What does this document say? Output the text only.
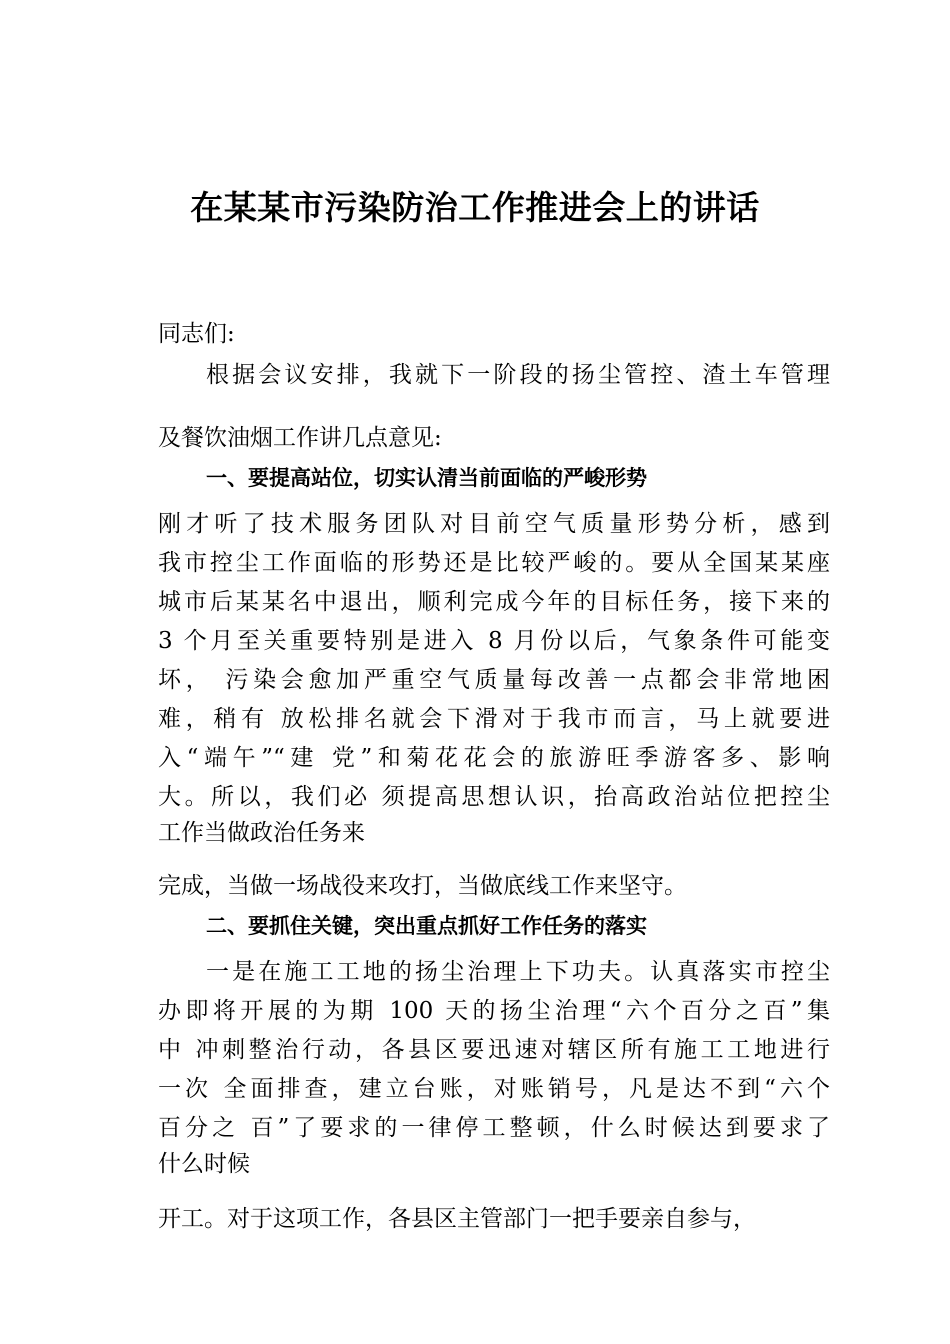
在某某市污染防治工作推进会上的讲话
同志们:
根据会议安排，我就下一阶段的扬尘管控、渣土车管理
及餐饮油烟工作讲几点意见:
一、要提高站位，切实认清当前面临的严峻形势
刚才听了技术服务团队对目前空气质量形势分析，感到
我市控尘工作面临的形势还是比较严峻的。要从全国某某座
城市后某某名中退出，顺利完成今年的目标任务，接下来的
3 个月至关重要特别是进入 8 月份以后，气象条件可能变
坏， 污染会愈加严重空气质量每改善一点都会非常地困
难，稍有 放松排名就会下滑对于我市而言，马上就要进
入“端午”“建 党”和菊花花会的旅游旺季游客多、影响
大。所以，我们必 须提高思想认识，抬高政治站位把控尘
工作当做政治任务来
完成，当做一场战役来攻打，当做底线工作来坚守。
二、要抓住关键，突出重点抓好工作任务的落实
一是在施工工地的扬尘治理上下功夫。认真落实市控尘
办即将开展的为期 100 天的扬尘治理“六个百分之百”集
中 冲刺整治行动，各县区要迅速对辖区所有施工工地进行
一次 全面排查，建立台账，对账销号，凡是达不到“六个
百分之 百”了要求的一律停工整顿，什么时候达到要求了
什么时候
开工。对于这项工作，各县区主管部门一把手要亲自参与，
